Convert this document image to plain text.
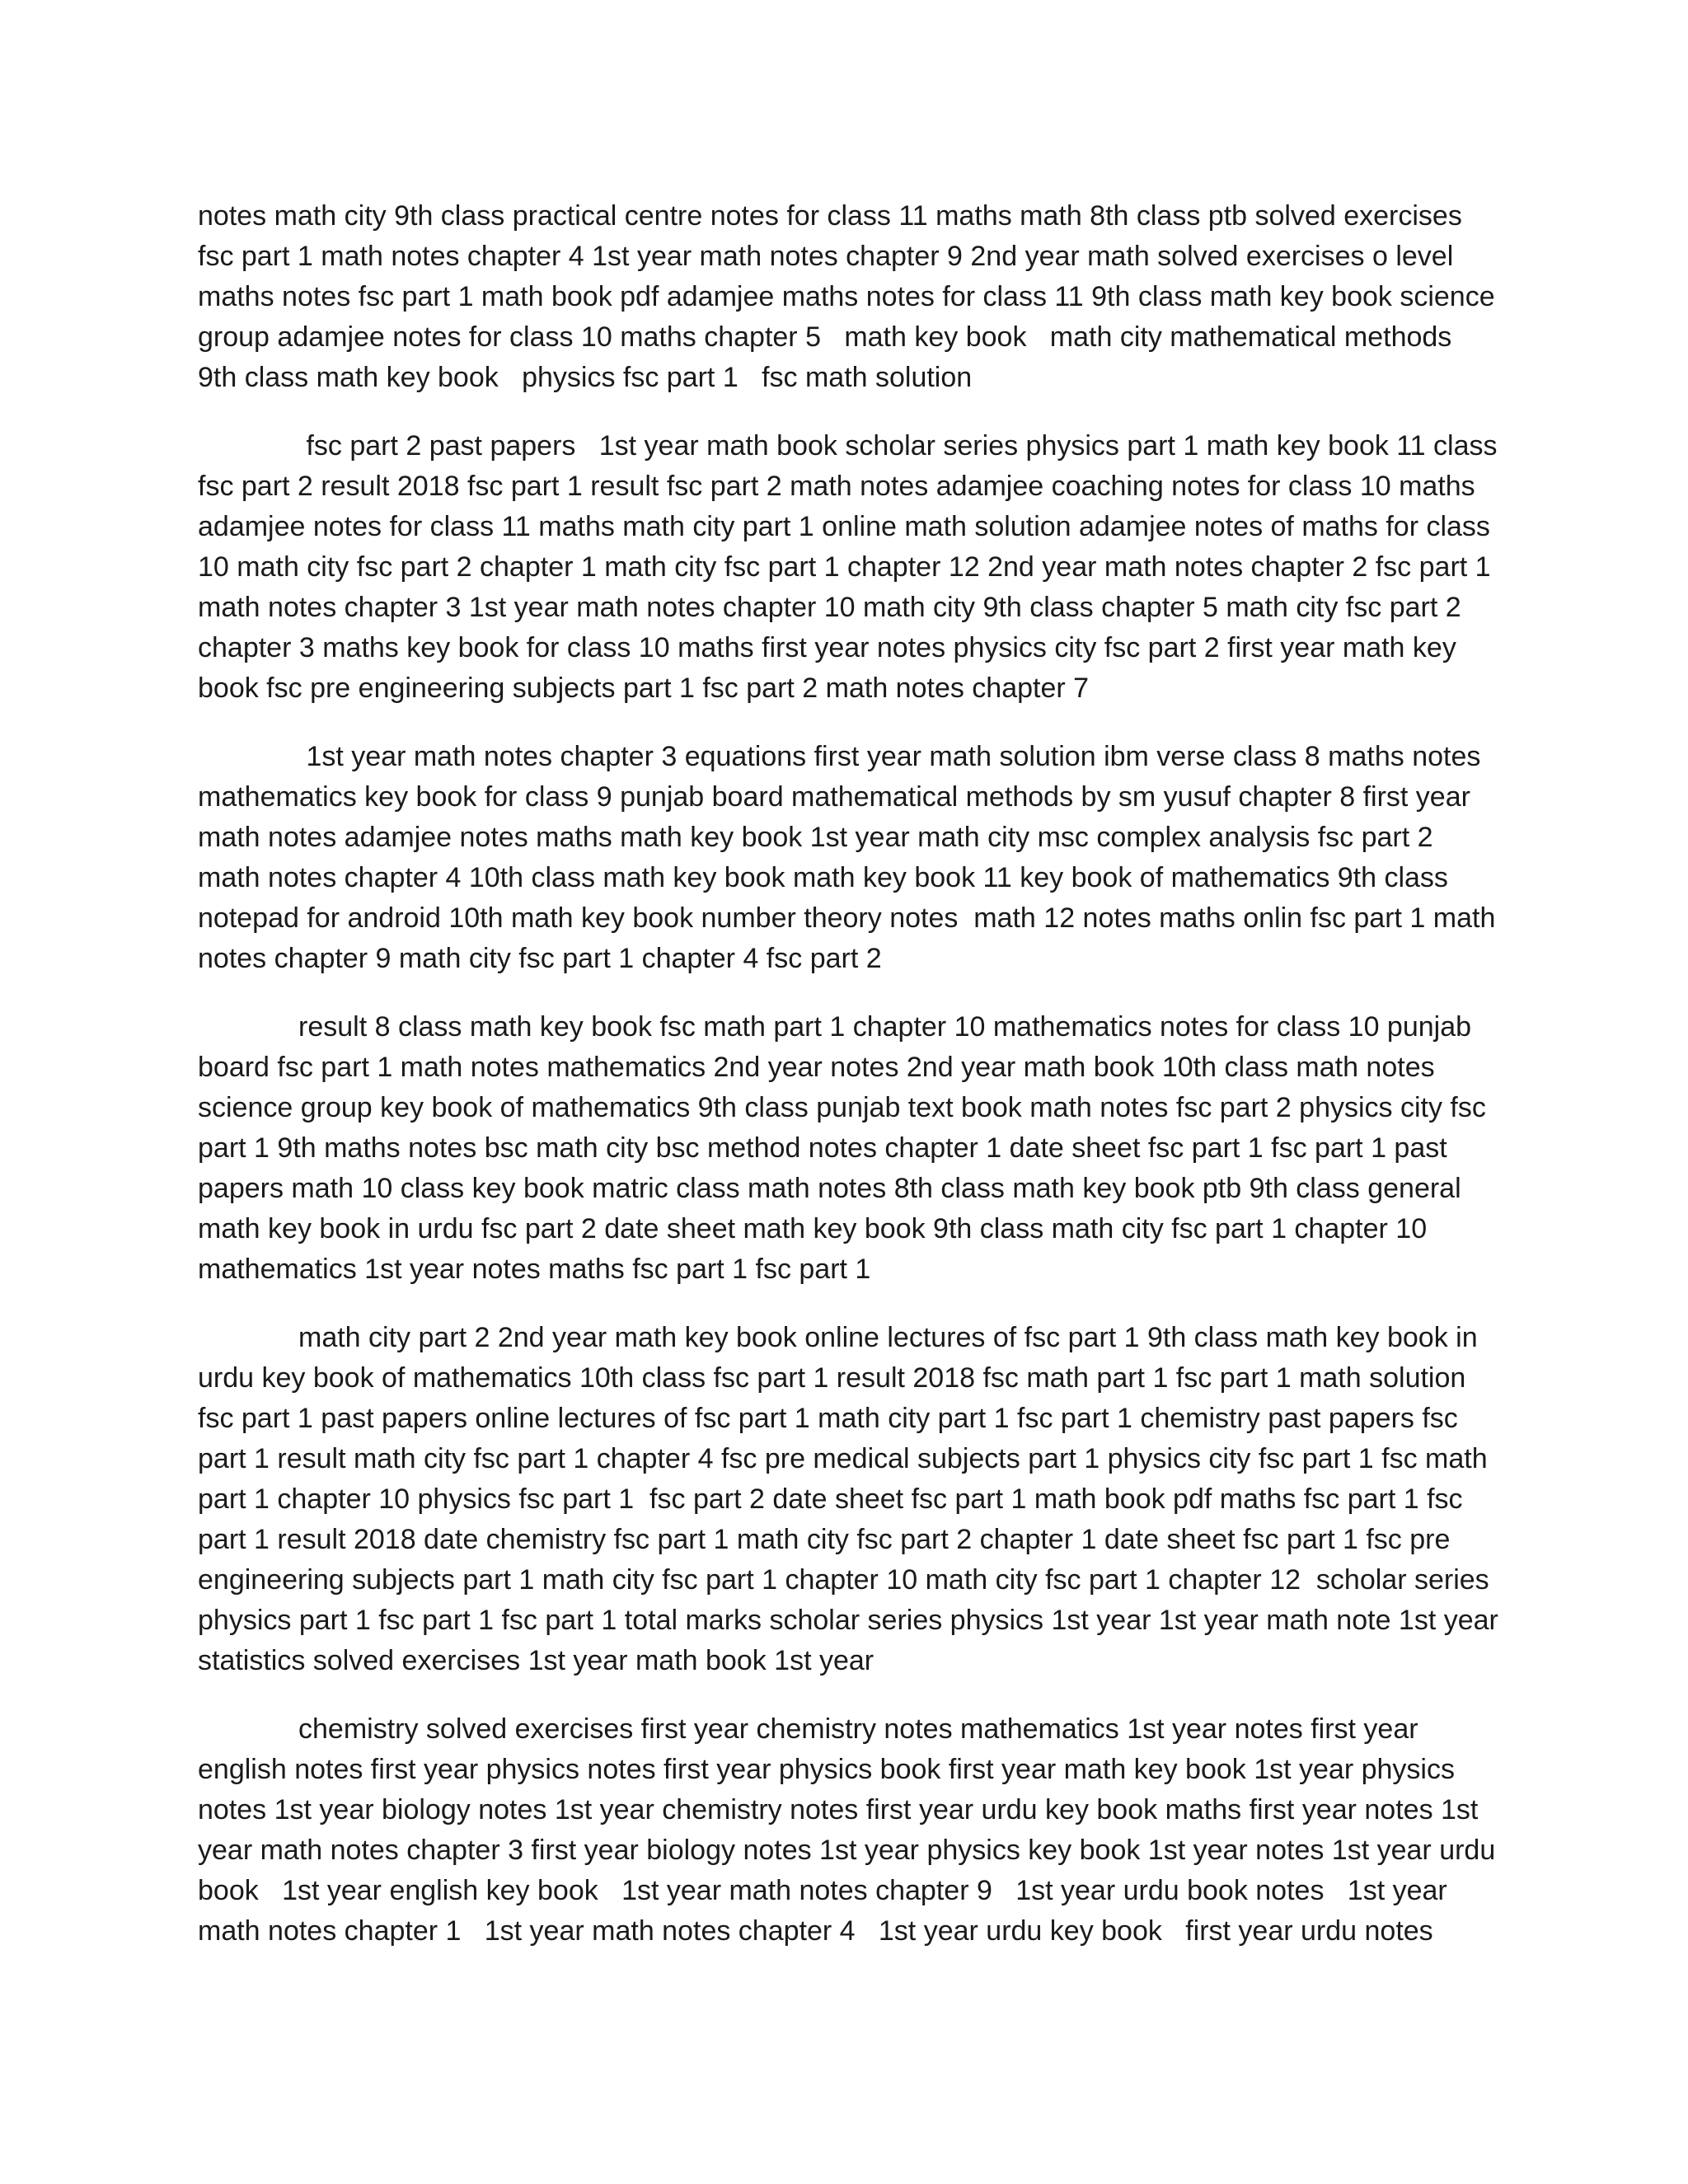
notes math city 9th class practical centre notes for class 11 maths math 8th class ptb solved exercises fsc part 1 math notes chapter 4 1st year math notes chapter 9 2nd year math solved exercises o level maths notes fsc part 1 math book pdf adamjee maths notes for class 11 9th class math key book science group adamjee notes for class 10 maths chapter 5   math key book   math city mathematical methods   9th class math key book   physics fsc part 1   fsc math solution

fsc part 2 past papers   1st year math book scholar series physics part 1 math key book 11 class fsc part 2 result 2018 fsc part 1 result fsc part 2 math notes adamjee coaching notes for class 10 maths adamjee notes for class 11 maths math city part 1 online math solution adamjee notes of maths for class 10 math city fsc part 2 chapter 1 math city fsc part 1 chapter 12 2nd year math notes chapter 2 fsc part 1 math notes chapter 3 1st year math notes chapter 10 math city 9th class chapter 5 math city fsc part 2 chapter 3 maths key book for class 10 maths first year notes physics city fsc part 2 first year math key book fsc pre engineering subjects part 1 fsc part 2 math notes chapter 7

1st year math notes chapter 3 equations first year math solution ibm verse class 8 maths notes mathematics key book for class 9 punjab board mathematical methods by sm yusuf chapter 8 first year math notes adamjee notes maths math key book 1st year math city msc complex analysis fsc part 2 math notes chapter 4 10th class math key book math key book 11 key book of mathematics 9th class notepad for android 10th math key book number theory notes  math 12 notes maths onlin fsc part 1 math notes chapter 9 math city fsc part 1 chapter 4 fsc part 2

result 8 class math key book fsc math part 1 chapter 10 mathematics notes for class 10 punjab board fsc part 1 math notes mathematics 2nd year notes 2nd year math book 10th class math notes science group key book of mathematics 9th class punjab text book math notes fsc part 2 physics city fsc part 1 9th maths notes bsc math city bsc method notes chapter 1 date sheet fsc part 1 fsc part 1 past papers math 10 class key book matric class math notes 8th class math key book ptb 9th class general math key book in urdu fsc part 2 date sheet math key book 9th class math city fsc part 1 chapter 10 mathematics 1st year notes maths fsc part 1 fsc part 1

math city part 2 2nd year math key book online lectures of fsc part 1 9th class math key book in urdu key book of mathematics 10th class fsc part 1 result 2018 fsc math part 1 fsc part 1 math solution fsc part 1 past papers online lectures of fsc part 1 math city part 1 fsc part 1 chemistry past papers fsc part 1 result math city fsc part 1 chapter 4 fsc pre medical subjects part 1 physics city fsc part 1 fsc math part 1 chapter 10 physics fsc part 1  fsc part 2 date sheet fsc part 1 math book pdf maths fsc part 1 fsc part 1 result 2018 date chemistry fsc part 1 math city fsc part 2 chapter 1 date sheet fsc part 1 fsc pre engineering subjects part 1 math city fsc part 1 chapter 10 math city fsc part 1 chapter 12  scholar series physics part 1 fsc part 1 fsc part 1 total marks scholar series physics 1st year 1st year math note 1st year statistics solved exercises 1st year math book 1st year

chemistry solved exercises first year chemistry notes mathematics 1st year notes first year english notes first year physics notes first year physics book first year math key book 1st year physics notes 1st year biology notes 1st year chemistry notes first year urdu key book maths first year notes 1st year math notes chapter 3 first year biology notes 1st year physics key book 1st year notes 1st year urdu book   1st year english key book   1st year math notes chapter 9   1st year urdu book notes   1st year math notes chapter 1   1st year math notes chapter 4   1st year urdu key book   first year urdu notes
